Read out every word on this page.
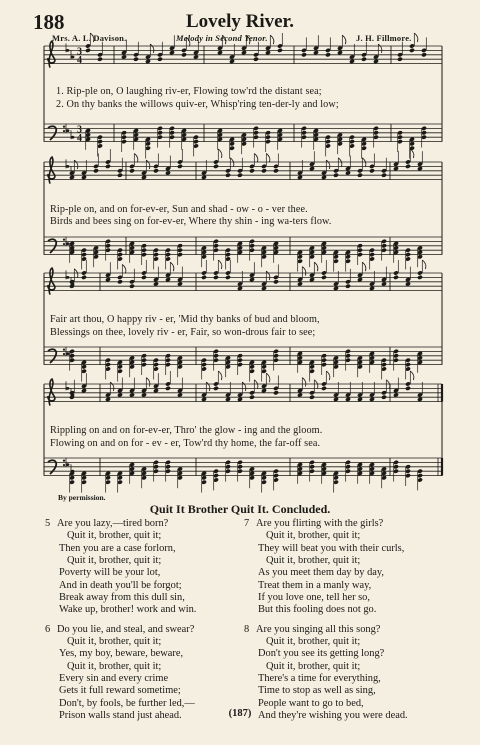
188	Lovely River.
Mrs. A. L. Davison.	Melody in Second Tenor.	J. H. Fillmore.
3
4
3
4
1. Rip-ple on, O laughing riv-er, Flowing tow'rd the distant sea;
2. On thy banks the willows quiv-er, Whisp'ring ten-der-ly and low;
Rip-ple on, and on for-ev-er, Sun and shad - ow - o - ver thee.
Birds and bees sing on for-ev-er, Where thy shin - ing wa-ters flow.
Fair art thou, O happy riv - er, 'Mid thy banks of bud and bloom,
Blessings on thee, lovely riv - er, Fair, so won-drous fair to see;
Rippling on and on for-ev-er, Thro' the glow - ing and the gloom.
Flowing on and on for - ev - er, Tow'rd thy home, the far-off sea.
By permission.
Quit It Brother Quit It. Concluded.
5 Are you lazy,—tired born?
Quit it, brother, quit it;
Then you are a case forlorn,
Quit it, brother, quit it;
Poverty will be your lot,
And in death you'll be forgot;
Break away from this dull sin,
Wake up, brother! work and win.
6 Do you lie, and steal, and swear?
Quit it, brother, quit it;
Yes, my boy, beware, beware,
Quit it, brother, quit it;
Every sin and every crime
Gets it full reward sometime;
Don't, by fools, be further led,—
Prison walls stand just ahead.
7 Are you flirting with the girls?
Quit it, brother, quit it;
They will beat you with their curls,
Quit it, brother, quit it;
As you meet them day by day,
Treat them in a manly way,
If you love one, tell her so,
But this fooling does not go.
8 Are you singing all this song?
Quit it, brother, quit it;
Don't you see its getting long?
Quit it, brother, quit it;
There's a time for everything,
Time to stop as well as sing,
People want to go to bed,
And they're wishing you were dead.
(187)
